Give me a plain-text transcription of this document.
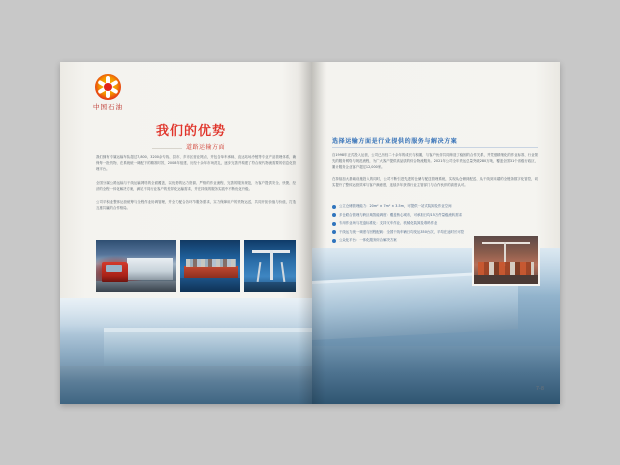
中国石油
我们的优势
道路运输方面
我们拥有专属运输车队超过7,800、3200余专线、县市、乡市区营业网点，并包含单车承载、直达站场冷链等专业产品管理体系，确保每一批货物，在系统统一调配下的精准时效，2008年组建，历经十余年市场洗礼，逐步完善并构建了符合现代物流需要的信息化管理平台。
全国分属公路运输与干线运输网络的全面覆盖，以优势的运力资源、严格的作业流程、完善的服务规范，为客户提供安全、快捷、经济的全程一体化解决方案，满足不同行业客户的差异化运输需求，并在持续的服务实践中不断优化升级。
公司平积业整体运营统筹与全程作业协调管理，并全力配合各环节服务需求，实力保障用户的货物运送，共同开拓价值与价值，打造互惠共赢的合作格局。
选择运输方面是行业提供的服务与解决方案
自1998年正式投入运营，公司已历经二十余年的成长与积累，与客户伙伴共同缔造了稳固的合作关系，并凭借精细化的作业标准、行业领先的服务网络与规范流程，为广大客户提供高品质的综合物流服务。2021年公司全年货运总量突破280万吨，覆盖全国31个省级行政区，累计服务企业客户超过12,000家。
在持续加大基础设施投入的同时，公司不断引进先进的仓储与配送管理系统，实现从仓储到配送、从干线到末端的全链条数字化管控，切实提升了整体运营效率与客户满意度，连续多年获得行业主管部门与合作伙伴的高度认可。
公立仓储管理能力：20m² × 7m² × 3.5m，可提供一站式装卸及作业空间
多仓联合管理与跨区域智能调度：覆盖核心城市，可承担日均15万件量级流转需求
专用作业场与托盘标准化：支持叉车作业、机械化装卸及堆码作业
干线运力统一调度与回程配载：全国干线车辆日均发运350台次，平均在途时长可控
公众化平台：一体化服务综合解决方案
7-8
